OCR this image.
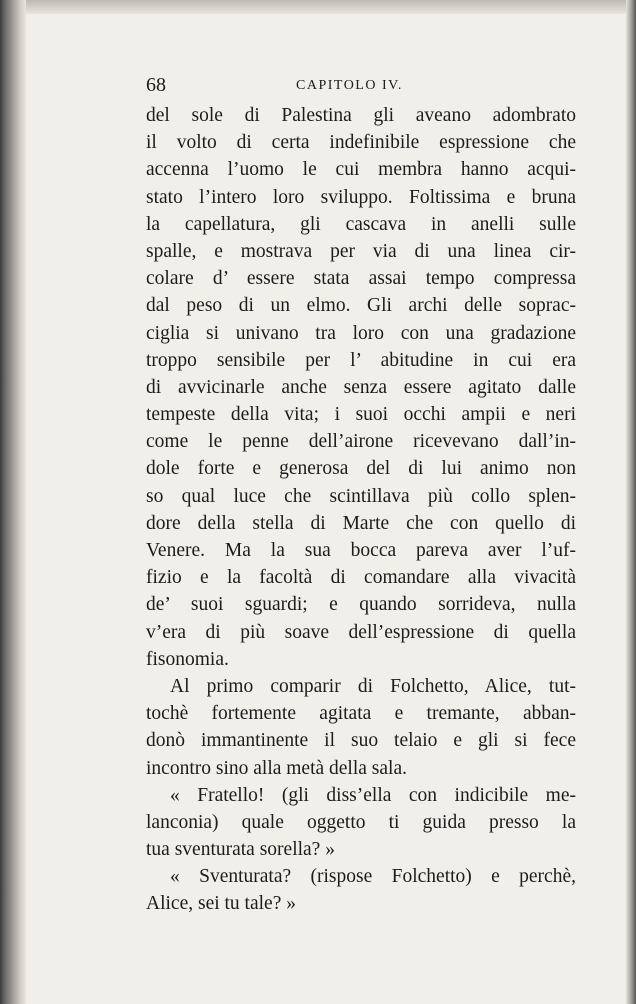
68	CAPITOLO IV.
del sole di Palestina gli aveano adombrato
il volto di certa indefinibile espressione che
accenna l’uomo le cui membra hanno acqui-
stato l’intero loro sviluppo. Foltissima e bruna
la capellatura, gli cascava in anelli sulle
spalle, e mostrava per via di una linea cir-
colare d’ essere stata assai tempo compressa
dal peso di un elmo. Gli archi delle soprac-
ciglia si univano tra loro con una gradazione
troppo sensibile per l’ abitudine in cui era
di avvicinarle anche senza essere agitato dalle
tempeste della vita; i suoi occhi ampii e neri
come le penne dell’airone ricevevano dall’in-
dole forte e generosa del di lui animo non
so qual luce che scintillava più collo splen-
dore della stella di Marte che con quello di
Venere. Ma la sua bocca pareva aver l’uf-
fizio e la facoltà di comandare alla vivacità
de’ suoi sguardi; e quando sorrideva, nulla
v’era di più soave dell’espressione di quella
fisonomia.
Al primo comparir di Folchetto, Alice, tut-
tochè fortemente agitata e tremante, abban-
donò immantinente il suo telaio e gli si fece
incontro sino alla metà della sala.
« Fratello! (gli diss’ella con indicibile me-
lanconia) quale oggetto ti guida presso la
tua sventurata sorella? »
« Sventurata? (rispose Folchetto) e perchè,
Alice, sei tu tale? »
